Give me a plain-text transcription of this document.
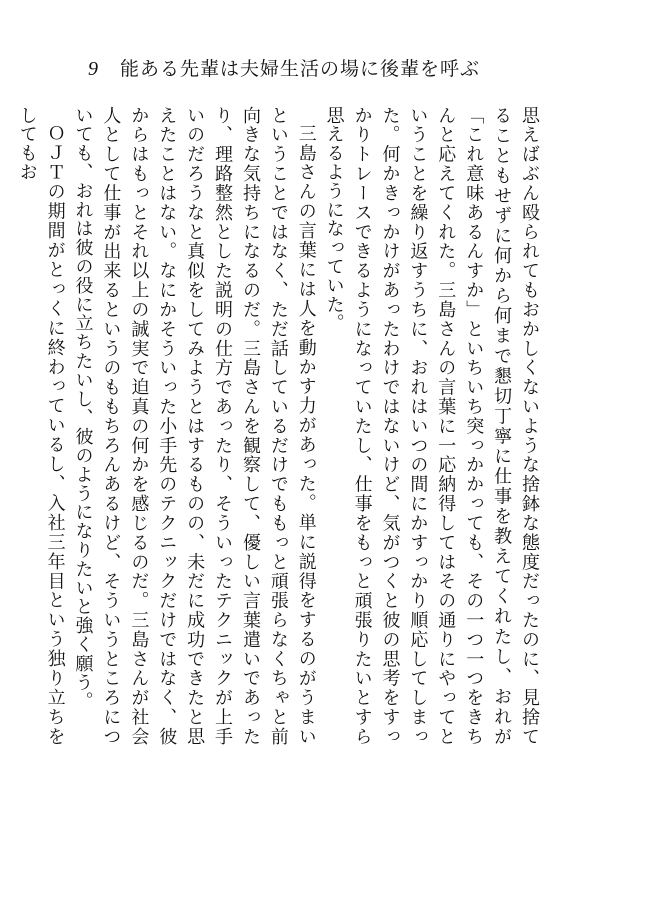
9 能ある先輩は夫婦生活の場に後輩を呼ぶ

思えばぶん殴られてもおかしくないような捨鉢な態度だったのに、見捨てることもせずに何から何まで懇切丁寧に仕事を教えてくれたし、おれが「これ意味あるんすか」といちいち突っかかっても、その一つ一つをきちんと応えてくれた。三島さんの言葉に一応納得してはその通りにやってということを繰り返すうちに、おれはいつの間にかすっかり順応してしまった。何かきっかけがあったわけではないけど、気がつくと彼の思考をすっかりトレースできるようになっていたし、仕事をもっと頑張りたいとすら思えるようになっていた。

三島さんの言葉には人を動かす力があった。単に説得をするのがうまいということではなく、ただ話しているだけでももっと頑張らなくちゃと前向きな気持ちになるのだ。三島さんを観察して、優しい言葉遣いであったり、理路整然とした説明の仕方であったり、そういったテクニックが上手いのだろうなと真似をしてみようとはするものの、未だに成功できたと思えたことはない。なにかそういった小手先のテクニックだけではなく、彼からはもっとそれ以上の誠実で迫真の何かを感じるのだ。三島さんが社会人として仕事が出来るというのももちろんあるけど、そういうところについても、おれは彼の役に立ちたいし、彼のようになりたいと強く願う。

ＯＪＴの期間がとっくに終わっているし、入社三年目という独り立ちをしてもお
